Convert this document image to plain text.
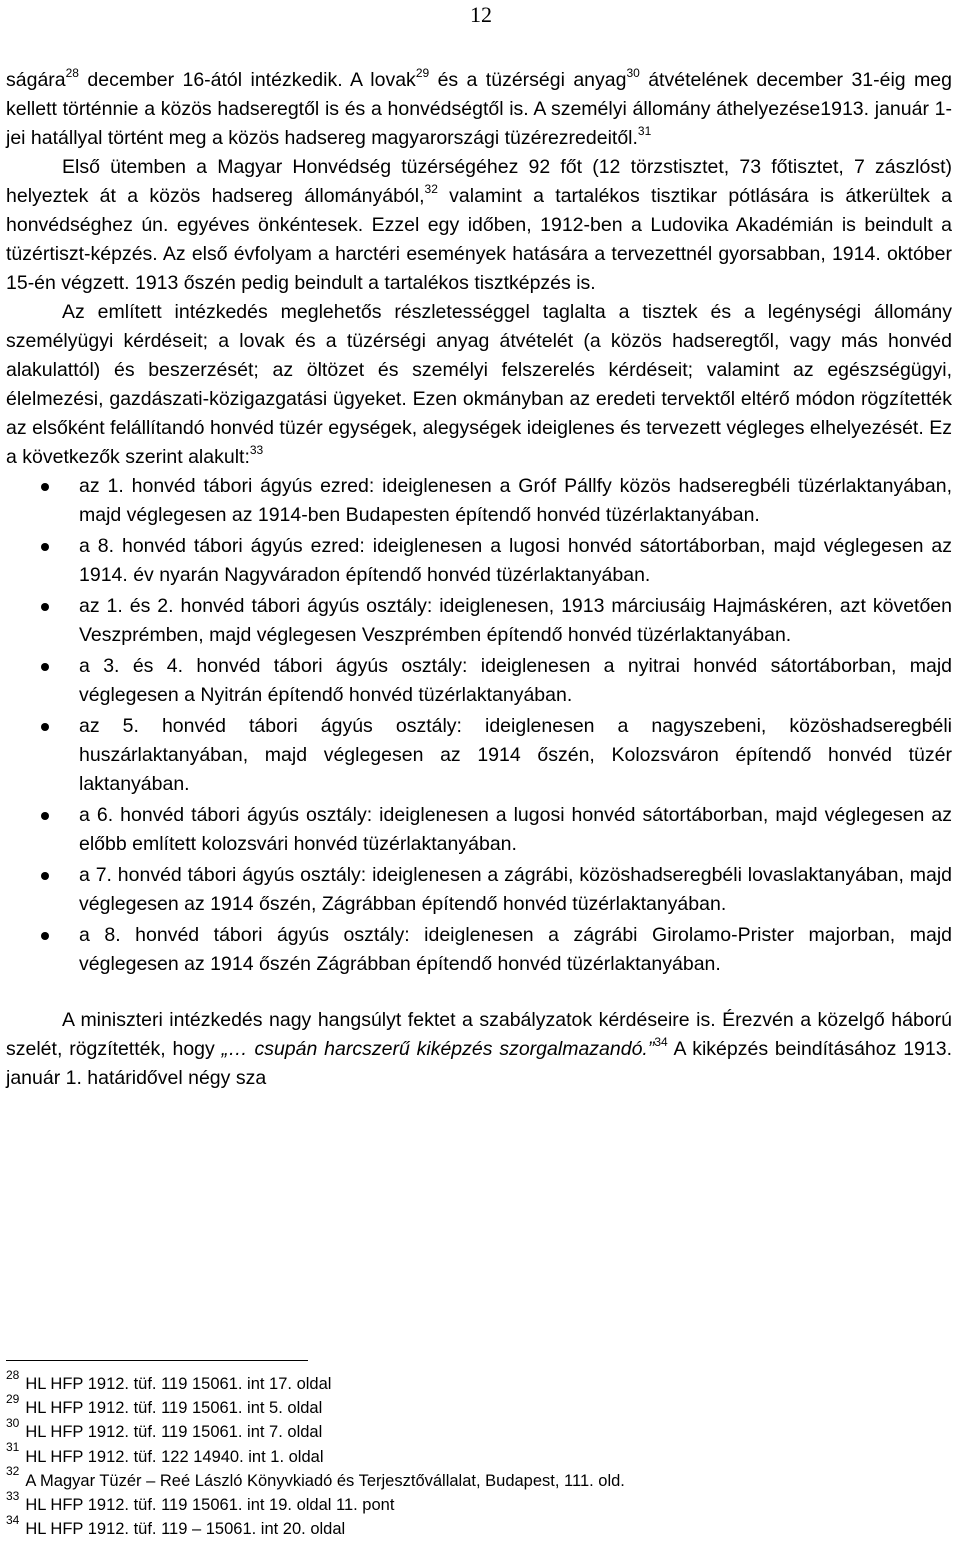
12

ságára$^{28}$ december 16-ától intézkedik. A lovak$^{29}$ és a tüzérségi anyag$^{30}$ átvételének december 31-éig meg kellett történnie a közös hadseregtől is és a honvédségtől is. A személyi állomány áthelyezése1913. január 1-jei hatállyal történt meg a közös hadsereg magyarországi tüzérezredeitől.$^{31}$

Első ütemben a Magyar Honvédség tüzérségéhez 92 főt (12 törzstisztet, 73 főtisztet, 7 zászlóst) helyeztek át a közös hadsereg állományából,$^{32}$ valamint a tartalékos tisztikar pótlására is átkerültek a honvédséghez ún. egyéves önkéntesek. Ezzel egy időben, 1912-ben a Ludovika Akadémián is beindult a tüzértiszt-képzés. Az első évfolyam a harctéri események hatására a tervezettnél gyorsabban, 1914. október 15-én végzett. 1913 őszén pedig beindult a tartalékos tisztképzés is.

Az említett intézkedés meglehetős részletességgel taglalta a tisztek és a legénységi állomány személyügyi kérdéseit; a lovak és a tüzérségi anyag átvételét (a közös hadseregtől, vagy más honvéd alakulattól) és beszerzését; az öltözet és személyi felszerelés kérdéseit; valamint az egészségügyi, élelmezési, gazdászati-közigazgatási ügyeket. Ezen okmányban az eredeti tervektől eltérő módon rögzítették az elsőként felállítandó honvéd tüzér egységek, alegységek ideiglenes és tervezett végleges elhelyezését. Ez a következők szerint alakult:$^{33}$

az 1. honvéd tábori ágyús ezred: ideiglenesen a Gróf Pállfy közös hadseregbéli tüzérlaktanyában, majd véglegesen az 1914-ben Budapesten építendő honvéd tüzérlaktanyában.
a 8. honvéd tábori ágyús ezred: ideiglenesen a lugosi honvéd sátortáborban, majd véglegesen az 1914. év nyarán Nagyváradon építendő honvéd tüzérlaktanyában.
az 1. és 2. honvéd tábori ágyús osztály: ideiglenesen, 1913 márciusáig Hajmáskéren, azt követően Veszprémben, majd véglegesen Veszprémben építendő honvéd tüzérlaktanyában.
a 3. és 4. honvéd tábori ágyús osztály: ideiglenesen a nyitrai honvéd sátortáborban, majd véglegesen a Nyitrán építendő honvéd tüzérlaktanyában.
az 5. honvéd tábori ágyús osztály: ideiglenesen a nagyszebeni, közöshadseregbéli huszárlaktanyában, majd véglegesen az 1914 őszén, Kolozsváron építendő honvéd tüzér laktanyában.
a 6. honvéd tábori ágyús osztály: ideiglenesen a lugosi honvéd sátortáborban, majd véglegesen az előbb említett kolozsvári honvéd tüzérlaktanyában.
a 7. honvéd tábori ágyús osztály: ideiglenesen a zágrábi, közöshadseregbéli lovaslaktanyában, majd véglegesen az 1914 őszén, Zágrábban építendő honvéd tüzérlaktanyában.
a 8. honvéd tábori ágyús osztály: ideiglenesen a zágrábi Girolamo-Prister majorban, majd véglegesen az 1914 őszén Zágrábban építendő honvéd tüzérlaktanyában.

A miniszteri intézkedés nagy hangsúlyt fektet a szabályzatok kérdéseire is. Érezvén a közelgő háború szelét, rögzítették, hogy „… csupán harcszerű kiképzés szorgalmazandó.”$^{34}$ A kiképzés beindításához 1913. január 1. határidővel négy sza

$^{28}$HL HFP 1912. tüf. 119 15061. int 17. oldal
$^{29}$HL HFP 1912. tüf. 119 15061. int 5. oldal
$^{30}$HL HFP 1912. tüf. 119 15061. int 7. oldal
$^{31}$HL HFP 1912. tüf. 122 14940. int 1. oldal
$^{32}$A Magyar Tüzér – Reé László Könyvkiadó és Terjesztővállalat, Budapest, 111. old.
$^{33}$HL HFP 1912. tüf. 119 15061. int 19. oldal 11. pont
$^{34}$HL HFP 1912. tüf. 119 – 15061. int 20. oldal
